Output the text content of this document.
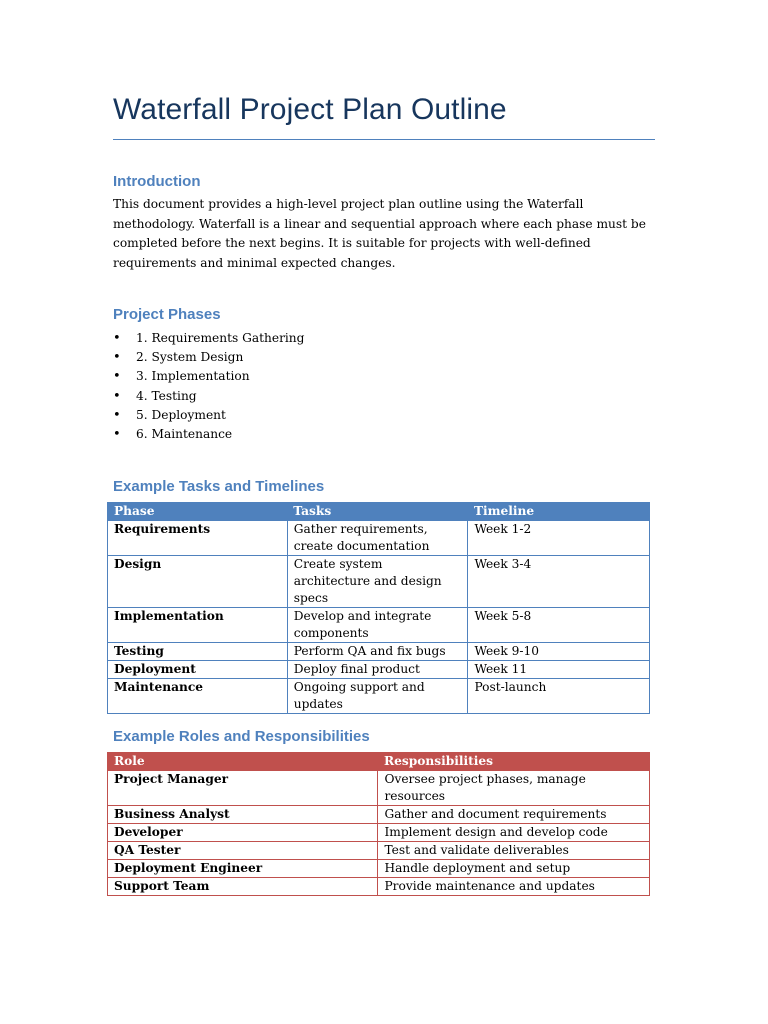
Waterfall Project Plan Outline
Introduction
This document provides a high-level project plan outline using the Waterfall methodology. Waterfall is a linear and sequential approach where each phase must be completed before the next begins. It is suitable for projects with well-defined requirements and minimal expected changes.
Project Phases
• 1. Requirements Gathering
• 2. System Design
• 3. Implementation
• 4. Testing
• 5. Deployment
• 6. Maintenance
Example Tasks and Timelines
Phase	Tasks	Timeline
Requirements	Gather requirements, create documentation	Week 1-2
Design	Create system architecture and design specs	Week 3-4
Implementation	Develop and integrate components	Week 5-8
Testing	Perform QA and fix bugs	Week 9-10
Deployment	Deploy final product	Week 11
Maintenance	Ongoing support and updates	Post-launch
Example Roles and Responsibilities
Role	Responsibilities
Project Manager	Oversee project phases, manage resources
Business Analyst	Gather and document requirements
Developer	Implement design and develop code
QA Tester	Test and validate deliverables
Deployment Engineer	Handle deployment and setup
Support Team	Provide maintenance and updates
